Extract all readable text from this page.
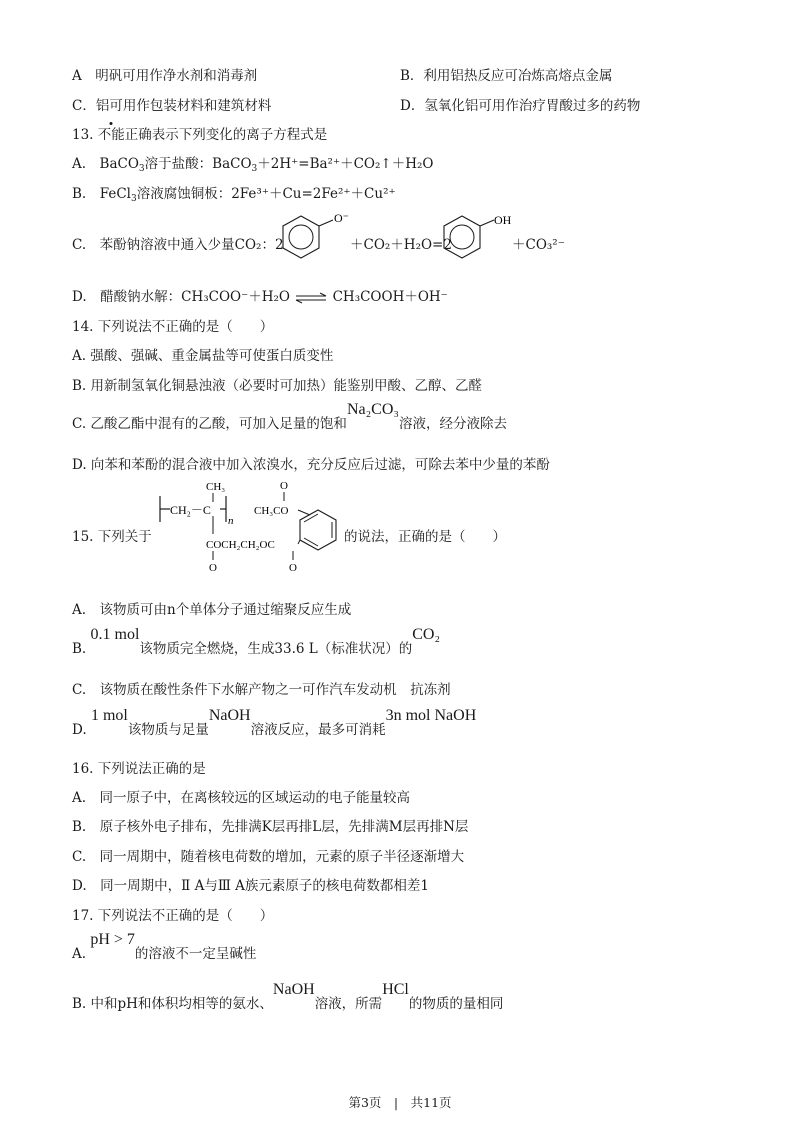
A　明矾可用作净水剂和消毒剂	B．利用铝热反应可冶炼高熔点金属
C．铝可用作包装材料和建筑材料	D．氢氧化铝可用作治疗胃酸过多的药物
13. 不能正确表示下列变化的离子方程式是
A.　BaCO$_3$溶于盐酸：BaCO$_3$＋2H⁺=Ba²⁺＋CO₂↑＋H₂O
B.　FeCl$_3$溶液腐蚀铜板：2Fe³⁺＋Cu=2Fe²⁺＋Cu²⁺
C.　苯酚钠溶液中通入少量CO₂：2
O⁻
＋CO₂＋H₂O=2
OH
＋CO₃²⁻
D.　醋酸钠水解：CH₃COO⁻＋H₂O ⇌ CH₃COOH＋OH⁻
14. 下列说法不正确的是（　　）
A. 强酸、强碱、重金属盐等可使蛋白质变性
B. 用新制氢氧化铜悬浊液（必要时可加热）能鉴别甲酸、乙醇、乙醛
C. 乙酸乙酯中混有的乙酸，可加入足量的饱和Na₂CO₃溶液，经分液除去
D. 向苯和苯酚的混合液中加入浓溴水，充分反应后过滤，可除去苯中少量的苯酚
15. 下列关于
CH₂－C
n
CH₃
COCH₂CH₂OC
O	O
CH₃CO
O
的说法，正确的是（　　）
A.　该物质可由n个单体分子通过缩聚反应生成
B. 0.1 mol该物质完全燃烧，生成33.6 L（标准状况）的CO₂
C.　该物质在酸性条件下水解产物之一可作汽车发动机　抗冻剂
D. 1 mol该物质与足量NaOH溶液反应，最多可消耗3n mol NaOH
16. 下列说法正确的是
A.　同一原子中，在离核较远的区域运动的电子能量较高
B.　原子核外电子排布，先排满K层再排L层，先排满M层再排N层
C.　同一周期中，随着核电荷数的增加，元素的原子半径逐渐增大
D.　同一周期中，Ⅱ A与Ⅲ A族元素原子的核电荷数都相差1
17. 下列说法不正确的是（　　）
A. pH > 7的溶液不一定呈碱性
B. 中和pH和体积均相等的氨水、NaOH溶液，所需HCl的物质的量相同
第3页　|　共11页
